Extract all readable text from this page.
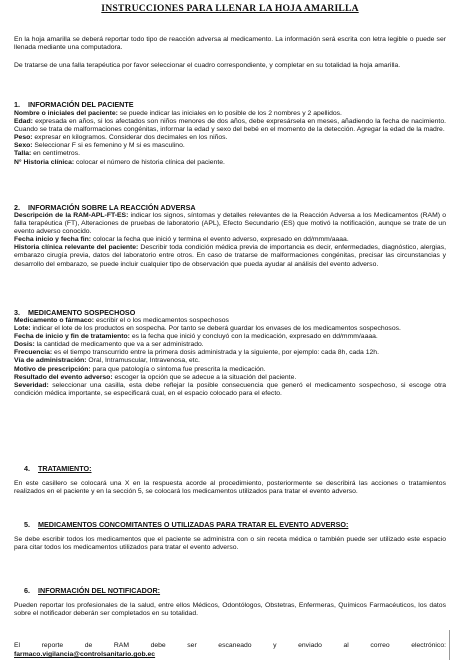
INSTRUCCIONES PARA LLENAR LA HOJA AMARILLA
En la hoja amarilla se deberá reportar todo tipo de reacción adversa al medicamento. La información será escrita con letra legible o puede ser llenada mediante una computadora.
De tratarse de una falla terapéutica por favor seleccionar el cuadro correspondiente, y completar en su totalidad la hoja amarilla.
1. INFORMACIÓN DEL PACIENTE

Nombre o iniciales del paciente: se puede indicar las iniciales en lo posible de los 2 nombres y 2 apellidos.

Edad: expresada en años, si los afectados son niños menores de dos años, debe expresársela en meses, añadiendo la fecha de nacimiento. Cuando se trata de malformaciones congénitas, informar la edad y sexo del bebé en el momento de la detección. Agregar la edad de la madre.

Peso: expresar en kilogramos. Considerar dos decimales en los niños.

Sexo: Seleccionar F si es femenino y M si es masculino.

Talla: en centímetros.

N° Historia clínica: colocar el número de historia clínica del paciente.

2. INFORMACIÓN SOBRE LA REACCIÓN ADVERSA

Descripción de la RAM-APL-FT-ES: indicar los signos, síntomas y detalles relevantes de la Reacción Adversa a los Medicamentos (RAM) o falla terapéutica (FT), Alteraciones de pruebas de laboratorio (APL), Efecto Secundario (ES) que motivó la notificación, aunque se trate de un evento adverso conocido.

Fecha inicio y fecha fin: colocar la fecha que inició y termina el evento adverso, expresado en dd/mmm/aaaa.

Historia clínica relevante del paciente: Describir toda condición médica previa de importancia es decir, enfermedades, diagnóstico, alergias, embarazo cirugía previa, datos del laboratorio entre otros. En caso de tratarse de malformaciones congénitas, precisar las circunstancias y desarrollo del embarazo, se puede incluir cualquier tipo de observación que pueda ayudar al análisis del evento adverso.

3. MEDICAMENTO SOSPECHOSO

Medicamento o fármaco: escribir el o los medicamentos sospechosos

Lote: indicar el lote de los productos en sospecha. Por tanto se deberá guardar los envases de los medicamentos sospechosos.

Fecha de inicio y fin de tratamiento: es la fecha que inició y concluyó con la medicación, expresado en dd/mmm/aaaa.

Dosis: la cantidad de medicamento que va a ser administrado.

Frecuencia: es el tiempo transcurrido entre la primera dosis administrada y la siguiente, por ejemplo: cada 8h, cada 12h.

Vía de administración: Oral, Intramuscular, Intravenosa, etc.

Motivo de prescripción: para que patología o síntoma fue prescrita la medicación.

Resultado del evento adverso: escoger la opción que se adecue a la situación del paciente.

Severidad: seleccionar una casilla, esta debe reflejar la posible consecuencia que generó el medicamento sospechoso, si escoge otra condición médica importante, se especificará cual, en el espacio colocado para el efecto.

4. TRATAMIENTO:
En este casillero se colocará una X en la respuesta acorde al procedimiento, posteriormente se describirá las acciones o tratamientos realizados en el paciente y en la sección 5, se colocará los medicamentos utilizados para tratar el evento adverso.
5. MEDICAMENTOS CONCOMITANTES O UTILIZADAS PARA TRATAR EL EVENTO ADVERSO:
Se debe escribir todos los medicamentos que el paciente se administra con o sin receta médica o también puede ser utilizado este espacio para citar todos los medicamentos utilizados para tratar el evento adverso.
6. INFORMACIÓN DEL NOTIFICADOR:
Pueden reportar los profesionales de la salud, entre ellos Médicos, Odontólogos, Obstetras, Enfermeras, Químicos Farmacéuticos, los datos sobre el notificador deberán ser completados en su totalidad.
El reporte de RAM debe ser escaneado y enviado al correo electrónico:
farmaco.vigilancia@controlsanitario.gob.ec
